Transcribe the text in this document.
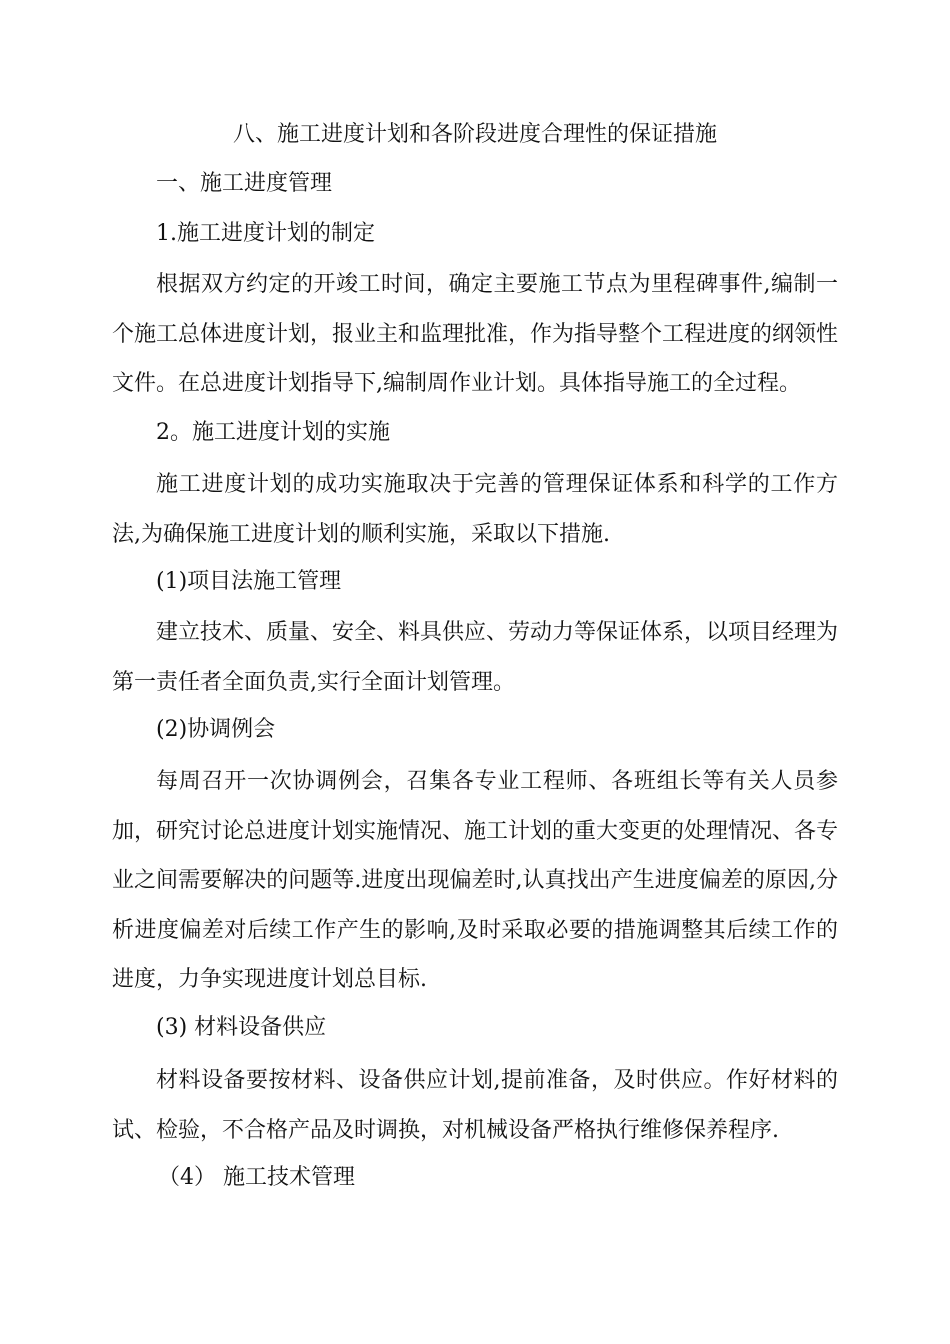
八、施工进度计划和各阶段进度合理性的保证措施
一、施工进度管理
1.施工进度计划的制定

根据双方约定的开竣工时间，确定主要施工节点为里程碑事件,编制一个施工总体进度计划，报业主和监理批准，作为指导整个工程进度的纲领性文件。在总进度计划指导下,编制周作业计划。具体指导施工的全过程。

2。施工进度计划的实施

施工进度计划的成功实施取决于完善的管理保证体系和科学的工作方法,为确保施工进度计划的顺利实施，采取以下措施.

(1)项目法施工管理

建立技术、质量、安全、料具供应、劳动力等保证体系，以项目经理为第一责任者全面负责,实行全面计划管理。

(2)协调例会

每周召开一次协调例会，召集各专业工程师、各班组长等有关人员参加，研究讨论总进度计划实施情况、施工计划的重大变更的处理情况、各专业之间需要解决的问题等.进度出现偏差时,认真找出产生进度偏差的原因,分析进度偏差对后续工作产生的影响,及时采取必要的措施调整其后续工作的进度，力争实现进度计划总目标.

(3) 材料设备供应

材料设备要按材料、设备供应计划,提前准备，及时供应。作好材料的试、检验，不合格产品及时调换，对机械设备严格执行维修保养程序.

（4） 施工技术管理
